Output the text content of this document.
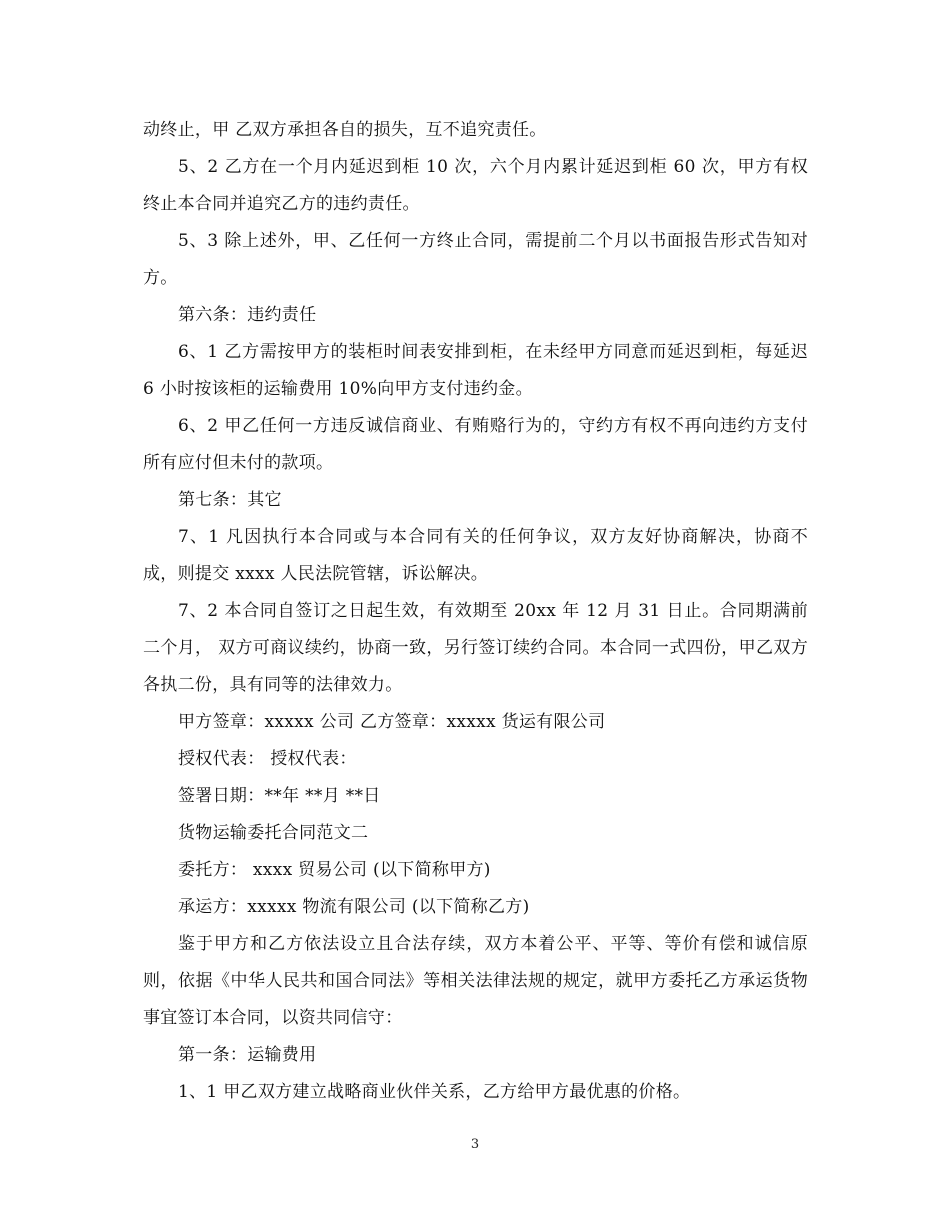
动终止，甲 乙双方承担各自的损失，互不追究责任。

5、2 乙方在一个月内延迟到柜 10 次，六个月内累计延迟到柜 60 次，甲方有权终止本合同并追究乙方的违约责任。

5、3 除上述外，甲、乙任何一方终止合同，需提前二个月以书面报告形式告知对方。

第六条：违约责任

6、1 乙方需按甲方的装柜时间表安排到柜，在未经甲方同意而延迟到柜，每延迟 6 小时按该柜的运输费用 10%向甲方支付违约金。

6、2 甲乙任何一方违反诚信商业、有贿赂行为的，守约方有权不再向违约方支付所有应付但未付的款项。

第七条：其它

7、1 凡因执行本合同或与本合同有关的任何争议，双方友好协商解决，协商不成，则提交 xxxx 人民法院管辖，诉讼解决。

7、2 本合同自签订之日起生效，有效期至 20xx 年 12 月 31 日止。合同期满前二个月， 双方可商议续约，协商一致，另行签订续约合同。本合同一式四份，甲乙双方各执二份，具有同等的法律效力。

甲方签章：xxxxx 公司 乙方签章：xxxxx 货运有限公司

授权代表： 授权代表：

签署日期：**年 **月 **日

货物运输委托合同范文二

委托方： xxxx 贸易公司 (以下简称甲方)

承运方：xxxxx 物流有限公司 (以下简称乙方)

鉴于甲方和乙方依法设立且合法存续，双方本着公平、平等、等价有偿和诚信原则，依据《中华人民共和国合同法》等相关法律法规的规定，就甲方委托乙方承运货物事宜签订本合同，以资共同信守：

第一条：运输费用

1、1 甲乙双方建立战略商业伙伴关系，乙方给甲方最优惠的价格。

3
